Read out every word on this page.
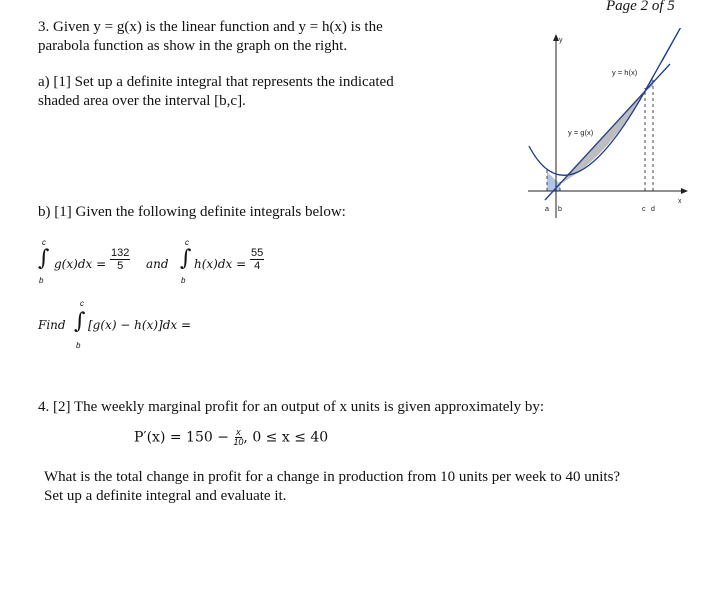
Page 2 of 5
3. Given y = g(x) is the linear function and y = h(x) is the
parabola function as show in the graph on the right.
a) [1] Set up a definite integral that represents the indicated
shaded area over the interval [b,c].
b) [1] Given the following definite integrals below:
c
∫
b
$g(x)dx = \frac{132}{5}$ and
c
∫
b
$h(x)dx = \frac{55}{4}$
Find
c
∫
b
[g(x) − h(x)]dx =
y
x
y = g(x)
y = h(x)
a b	c d
4. [2] The weekly marginal profit for an output of x units is given approximately by:
$P'(x) = 150 - \frac{x}{10}$ , 0 ≤ x ≤ 40
What is the total change in profit for a change in production from 10 units per week to 40 units?
Set up a definite integral and evaluate it.
